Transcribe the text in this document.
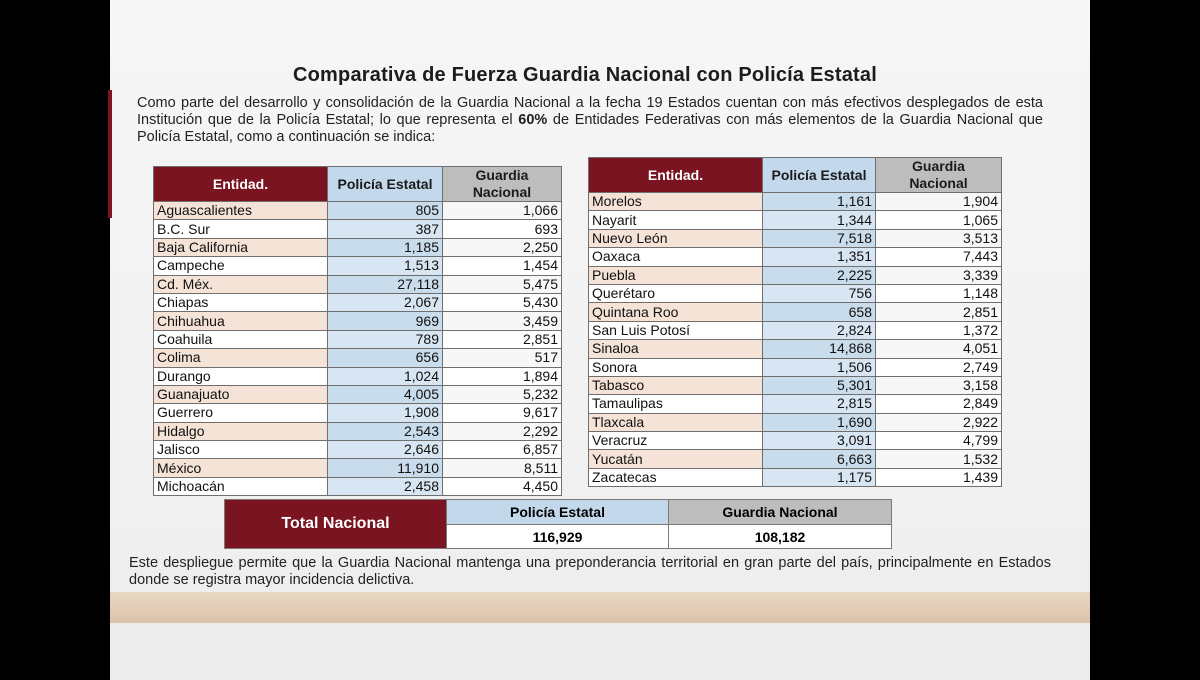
Comparativa de Fuerza Guardia Nacional con Policía Estatal
Como parte del desarrollo y consolidación de la Guardia Nacional a la fecha 19 Estados cuentan con más efectivos desplegados de esta Institución que de la Policía Estatal; lo que representa el 60% de Entidades Federativas con más elementos de la Guardia Nacional que Policía Estatal, como a continuación se indica:
Entidad.	Policía Estatal	Guardia
Nacional
Aguascalientes	805	1,066
B.C. Sur	387	693
Baja California	1,185	2,250
Campeche	1,513	1,454
Cd. Méx.	27,118	5,475
Chiapas	2,067	5,430
Chihuahua	969	3,459
Coahuila	789	2,851
Colima	656	517
Durango	1,024	1,894
Guanajuato	4,005	5,232
Guerrero	1,908	9,617
Hidalgo	2,543	2,292
Jalisco	2,646	6,857
México	11,910	8,511
Michoacán	2,458	4,450
Entidad.	Policía Estatal	Guardia
Nacional
Morelos	1,161	1,904
Nayarit	1,344	1,065
Nuevo León	7,518	3,513
Oaxaca	1,351	7,443
Puebla	2,225	3,339
Querétaro	756	1,148
Quintana Roo	658	2,851
San Luis Potosí	2,824	1,372
Sinaloa	14,868	4,051
Sonora	1,506	2,749
Tabasco	5,301	3,158
Tamaulipas	2,815	2,849
Tlaxcala	1,690	2,922
Veracruz	3,091	4,799
Yucatán	6,663	1,532
Zacatecas	1,175	1,439
Total Nacional	Policía Estatal	Guardia Nacional
	116,929	108,182
Este despliegue permite que la Guardia Nacional mantenga una preponderancia territorial en gran parte del país, principalmente en Estados donde se registra mayor incidencia delictiva.
